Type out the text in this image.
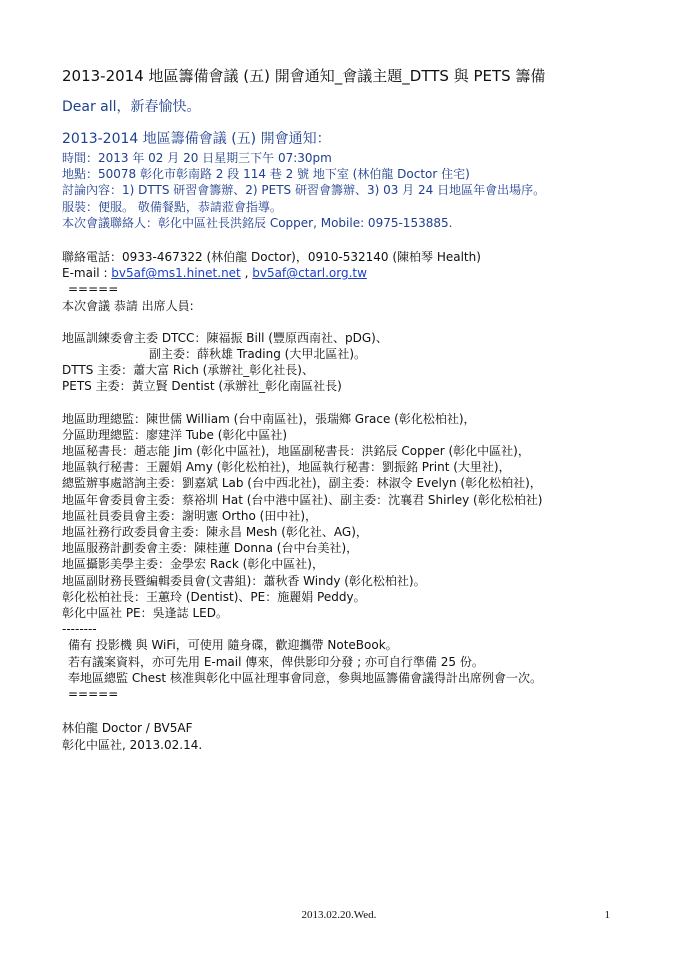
2013-2014 地區籌備會議 (五) 開會通知_會議主題_DTTS 與 PETS 籌備
Dear all，新春愉快。
2013-2014 地區籌備會議 (五) 開會通知：
時間：2013 年 02 月 20 日星期三下午 07:30pm
地點：50078 彰化市彰南路 2 段 114 巷 2 號 地下室 (林伯龍 Doctor 住宅)
討論內容：1) DTTS 研習會籌辦、2) PETS 研習會籌辦、3) 03 月 24 日地區年會出場序。
服裝：便服。 敬備餐點，恭請蒞會指導。
本次會議聯絡人：彰化中區社長洪銘辰 Copper, Mobile: 0975-153885.
聯絡電話：0933-467322 (林伯龍 Doctor)，0910-532140 (陳柏琴 Health)
E-mail : bv5af@ms1.hinet.net , bv5af@ctarl.org.tw
=====
本次會議 恭請 出席人員:
地區訓練委會主委 DTCC：陳福振 Bill (豐原西南社、pDG)、
副主委：薛秋雄 Trading (大甲北區社)。
DTTS 主委：蕭大富 Rich (承辦社_彰化社長)、
PETS 主委：黃立賢 Dentist (承辦社_彰化南區社長)
地區助理總監：陳世儒 William (台中南區社)，張瑞鄉 Grace (彰化松柏社)，
分區助理總監：廖建洋 Tube (彰化中區社)
地區秘書長：趙志能 Jim (彰化中區社)，地區副秘書長：洪銘辰 Copper (彰化中區社)，
地區執行秘書：王麗娟 Amy (彰化松柏社)，地區執行秘書：劉振銘 Print (大里社)，
總監辦事處諮詢主委：劉嘉斌 Lab (台中西北社)，副主委：林淑令 Evelyn (彰化松柏社)，
地區年會委員會主委：蔡裕圳 Hat (台中港中區社)、副主委：沈襄君 Shirley (彰化松柏社)
地區社員委員會主委：謝明憲 Ortho (田中社)，
地區社務行政委員會主委：陳永昌 Mesh (彰化社、AG)，
地區服務計劃委會主委：陳桂蓮 Donna (台中台美社)，
地區攝影美學主委：金學宏 Rack (彰化中區社)，
地區副財務長暨編輯委員會(文書組)：蕭秋香 Windy (彰化松柏社)。
彰化松柏社長：王蕙玲 (Dentist)、PE：施麗娟 Peddy。
彰化中區社 PE：吳逢誌 LED。
--------
備有 投影機 與 WiFi，可使用 隨身碟，歡迎攜帶 NoteBook。
若有議案資料，亦可先用 E-mail 傳來，俾供影印分發 ; 亦可自行準備 25 份。
奉地區總監 Chest 核准與彰化中區社理事會同意，參與地區籌備會議得計出席例會一次。
=====
林伯龍 Doctor / BV5AF
彰化中區社, 2013.02.14.
2013.02.20.Wed.	1
